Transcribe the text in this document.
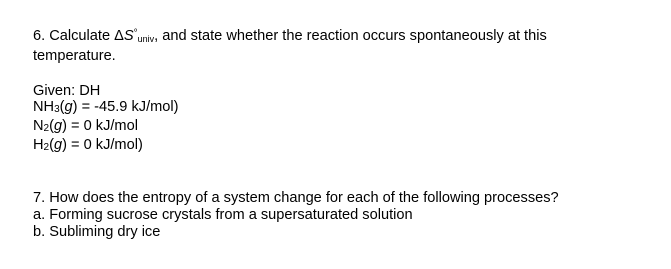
6. Calculate $\Delta S^\circ_{univ}$, and state whether the reaction occurs spontaneously at this

temperature.

Given: DH

$NH_3(g) = -45.9$ kJ/mol)

$N_2(g) = 0$ kJ/mol

$H_2(g) = 0$ kJ/mol)

7. How does the entropy of a system change for each of the following processes?

a. Forming sucrose crystals from a supersaturated solution

b. Subliming dry ice
